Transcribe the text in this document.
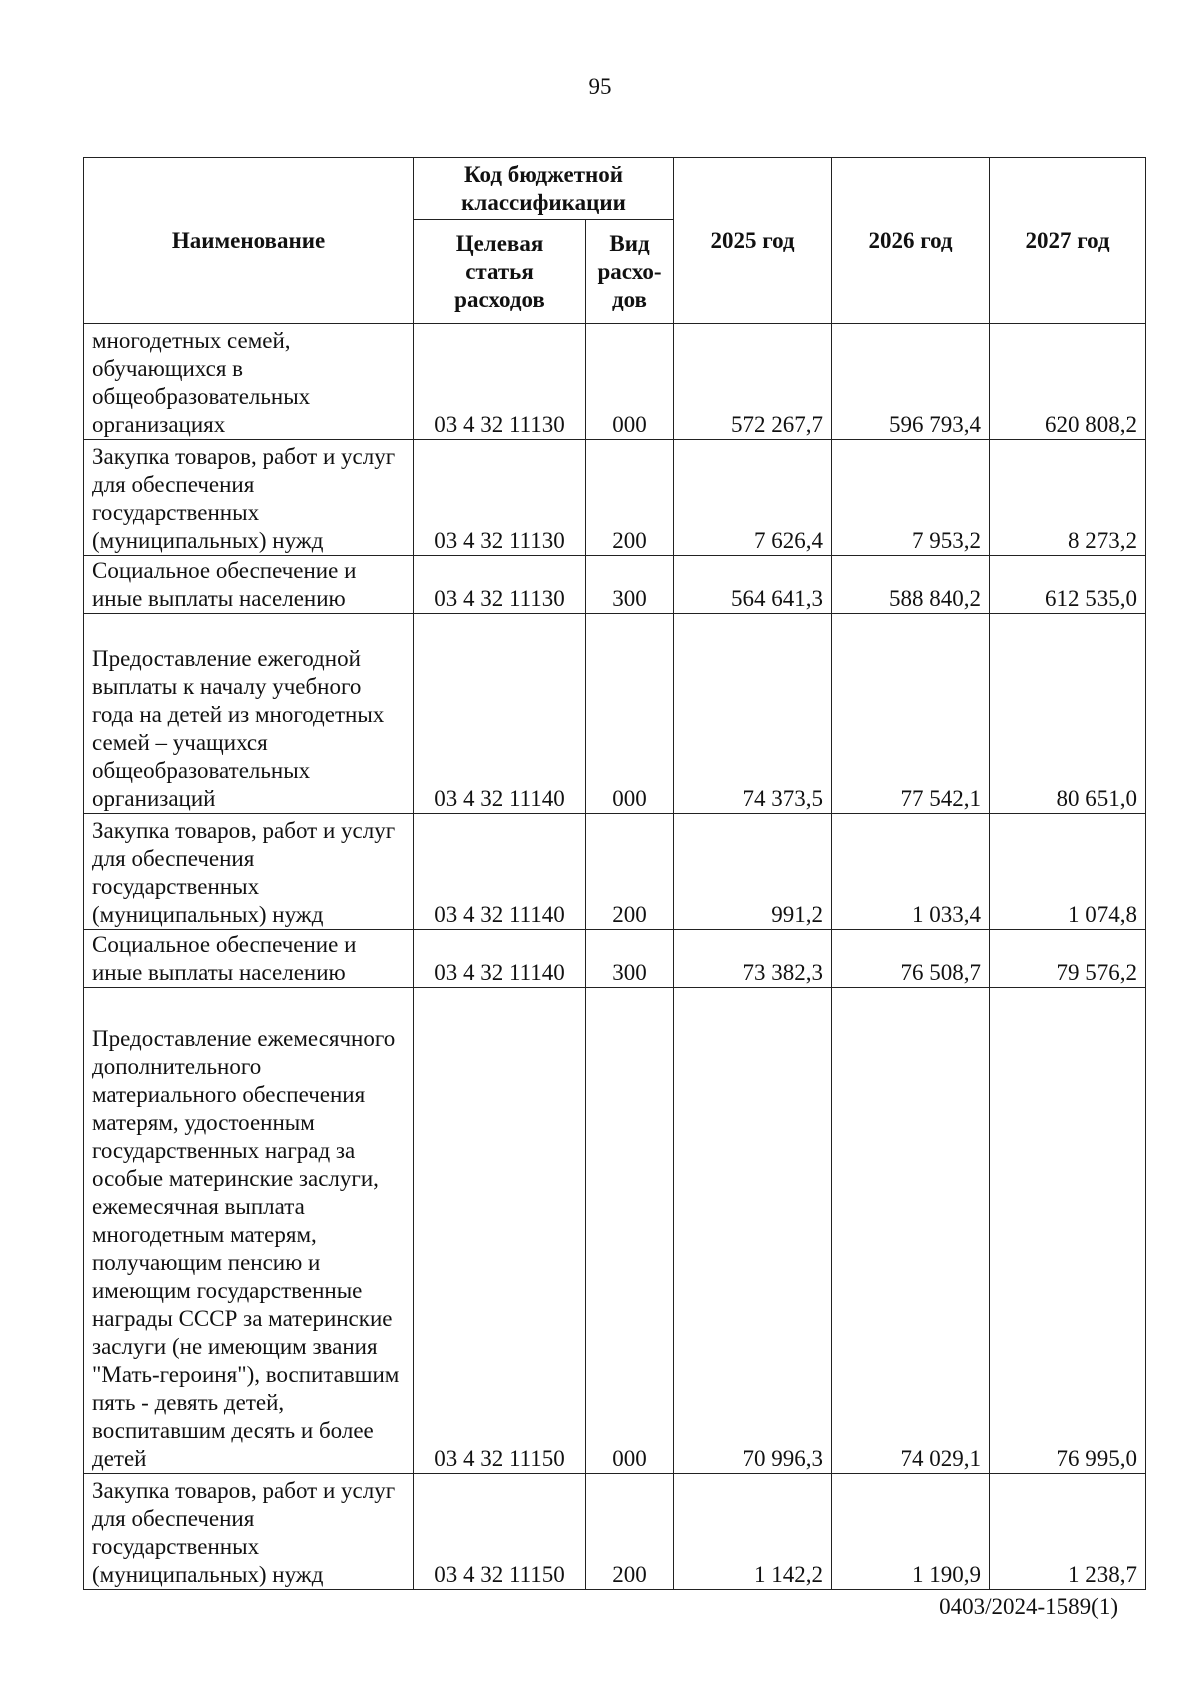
95
Наименование	Код бюджетной классификации		2025 год	2026 год	2027 год
	Целевая статья расходов	Вид расхо-дов			
многодетных семей, обучающихся в общеобразовательных организациях	03 4 32 11130	000	572 267,7	596 793,4	620 808,2
Закупка товаров, работ и услуг для обеспечения государственных (муниципальных) нужд	03 4 32 11130	200	7 626,4	7 953,2	8 273,2
Социальное обеспечение и иные выплаты населению	03 4 32 11130	300	564 641,3	588 840,2	612 535,0
Предоставление ежегодной выплаты к началу учебного года на детей из многодетных семей – учащихся общеобразовательных организаций	03 4 32 11140	000	74 373,5	77 542,1	80 651,0
Закупка товаров, работ и услуг для обеспечения государственных (муниципальных) нужд	03 4 32 11140	200	991,2	1 033,4	1 074,8
Социальное обеспечение и иные выплаты населению	03 4 32 11140	300	73 382,3	76 508,7	79 576,2
Предоставление ежемесячного дополнительного материального обеспечения матерям, удостоенным государственных наград за особые материнские заслуги, ежемесячная выплата многодетным матерям, получающим пенсию и имеющим государственные награды СССР за материнские заслуги (не имеющим звания "Мать-героиня"), воспитавшим пять - девять детей, воспитавшим десять и более детей	03 4 32 11150	000	70 996,3	74 029,1	76 995,0
Закупка товаров, работ и услуг для обеспечения государственных (муниципальных) нужд	03 4 32 11150	200	1 142,2	1 190,9	1 238,7
0403/2024-1589(1)
